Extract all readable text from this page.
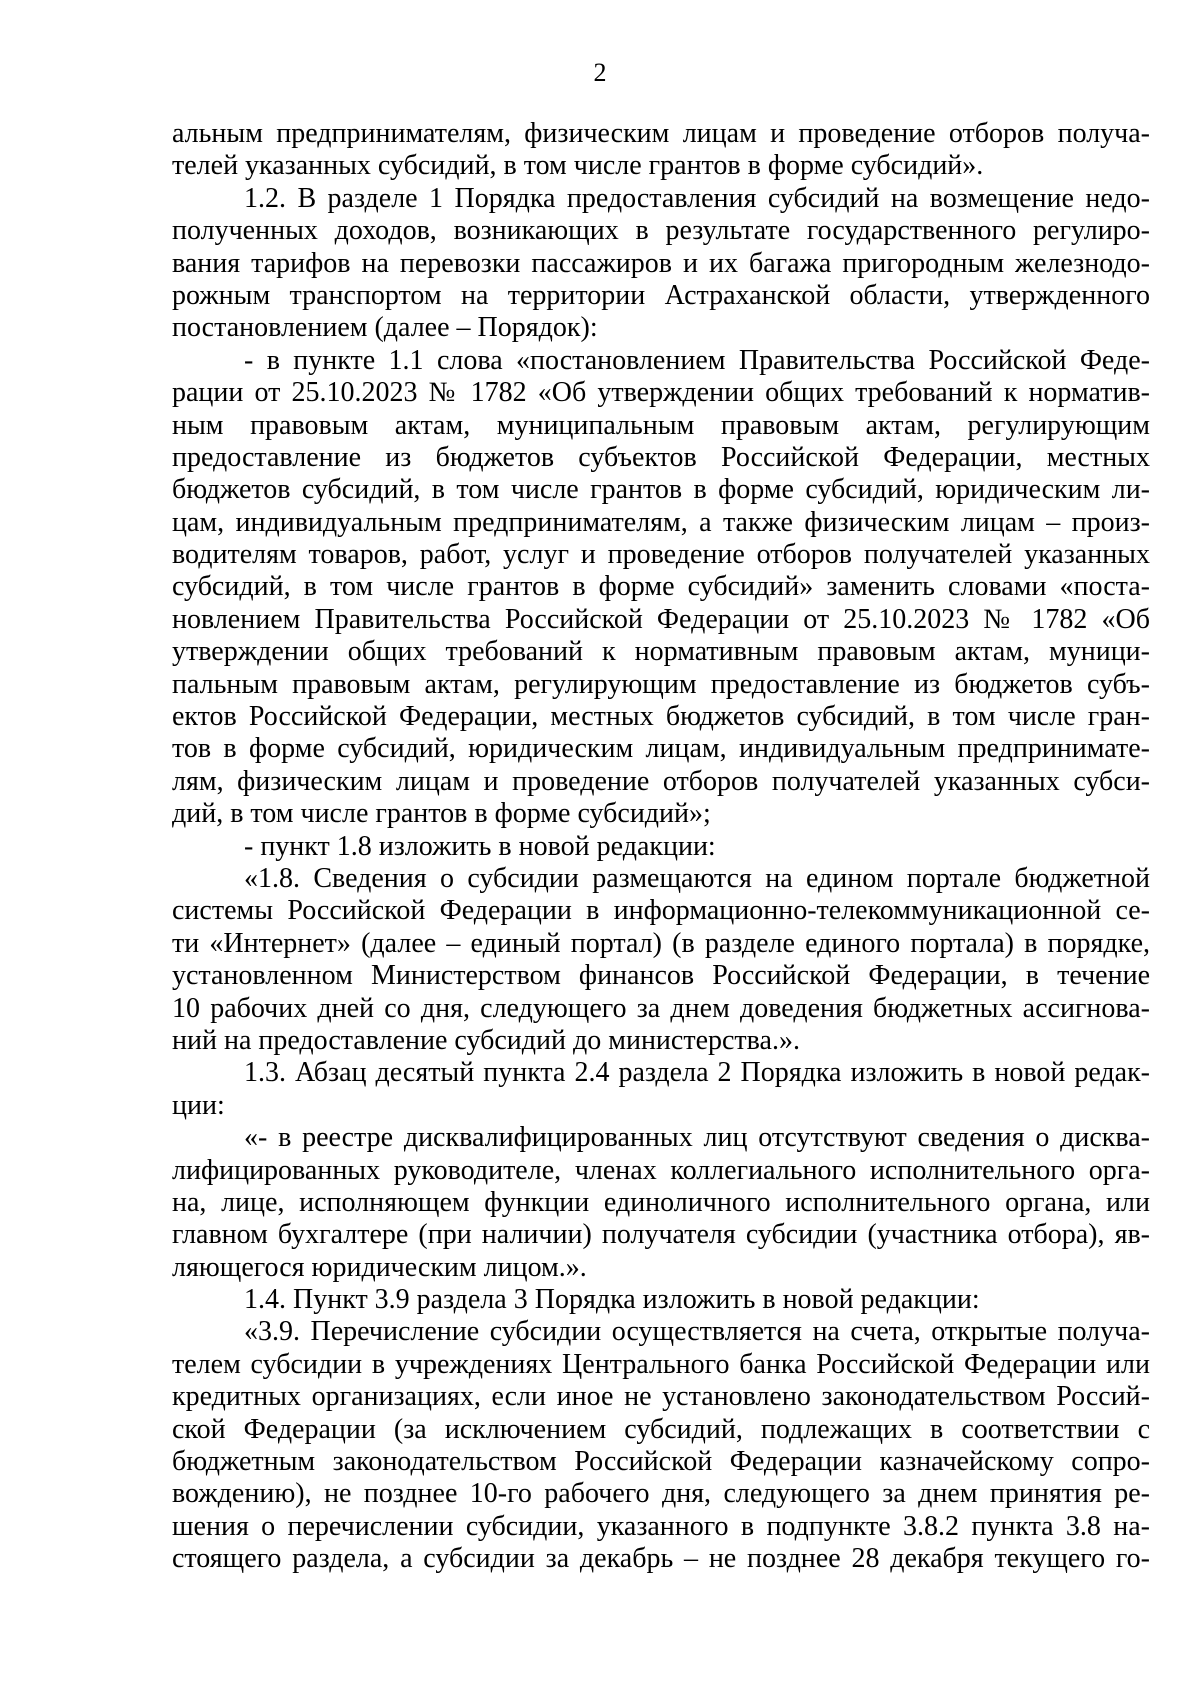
2
альным предпринимателям, физическим лицам и проведение отборов получа-
телей указанных субсидий, в том числе грантов в форме субсидий».
1.2. В разделе 1 Порядка предоставления субсидий на возмещение недо-
полученных доходов, возникающих в результате государственного регулиро-
вания тарифов на перевозки пассажиров и их багажа пригородным железнодо-
рожным транспортом на территории Астраханской области, утвержденного
постановлением (далее – Порядок):
- в пункте 1.1 слова «постановлением Правительства Российской Феде-
рации от 25.10.2023 № 1782 «Об утверждении общих требований к норматив-
ным правовым актам, муниципальным правовым актам, регулирующим
предоставление из бюджетов субъектов Российской Федерации, местных
бюджетов субсидий, в том числе грантов в форме субсидий, юридическим ли-
цам, индивидуальным предпринимателям, а также физическим лицам – произ-
водителям товаров, работ, услуг и проведение отборов получателей указанных
субсидий, в том числе грантов в форме субсидий» заменить словами «поста-
новлением Правительства Российской Федерации от 25.10.2023 № 1782 «Об
утверждении общих требований к нормативным правовым актам, муници-
пальным правовым актам, регулирующим предоставление из бюджетов субъ-
ектов Российской Федерации, местных бюджетов субсидий, в том числе гран-
тов в форме субсидий, юридическим лицам, индивидуальным предпринимате-
лям, физическим лицам и проведение отборов получателей указанных субси-
дий, в том числе грантов в форме субсидий»;
- пункт 1.8 изложить в новой редакции:
«1.8. Сведения о субсидии размещаются на едином портале бюджетной
системы Российской Федерации в информационно-телекоммуникационной се-
ти «Интернет» (далее – единый портал) (в разделе единого портала) в порядке,
установленном Министерством финансов Российской Федерации, в течение
10 рабочих дней со дня, следующего за днем доведения бюджетных ассигнова-
ний на предоставление субсидий до министерства.».
1.3. Абзац десятый пункта 2.4 раздела 2 Порядка изложить в новой редак-
ции:
«- в реестре дисквалифицированных лиц отсутствуют сведения о дисква-
лифицированных руководителе, членах коллегиального исполнительного орга-
на, лице, исполняющем функции единоличного исполнительного органа, или
главном бухгалтере (при наличии) получателя субсидии (участника отбора), яв-
ляющегося юридическим лицом.».
1.4. Пункт 3.9 раздела 3 Порядка изложить в новой редакции:
«3.9. Перечисление субсидии осуществляется на счета, открытые получа-
телем субсидии в учреждениях Центрального банка Российской Федерации или
кредитных организациях, если иное не установлено законодательством Россий-
ской Федерации (за исключением субсидий, подлежащих в соответствии с
бюджетным законодательством Российской Федерации казначейскому сопро-
вождению), не позднее 10-го рабочего дня, следующего за днем принятия ре-
шения о перечислении субсидии, указанного в подпункте 3.8.2 пункта 3.8 на-
стоящего раздела, а субсидии за декабрь – не позднее 28 декабря текущего го-
